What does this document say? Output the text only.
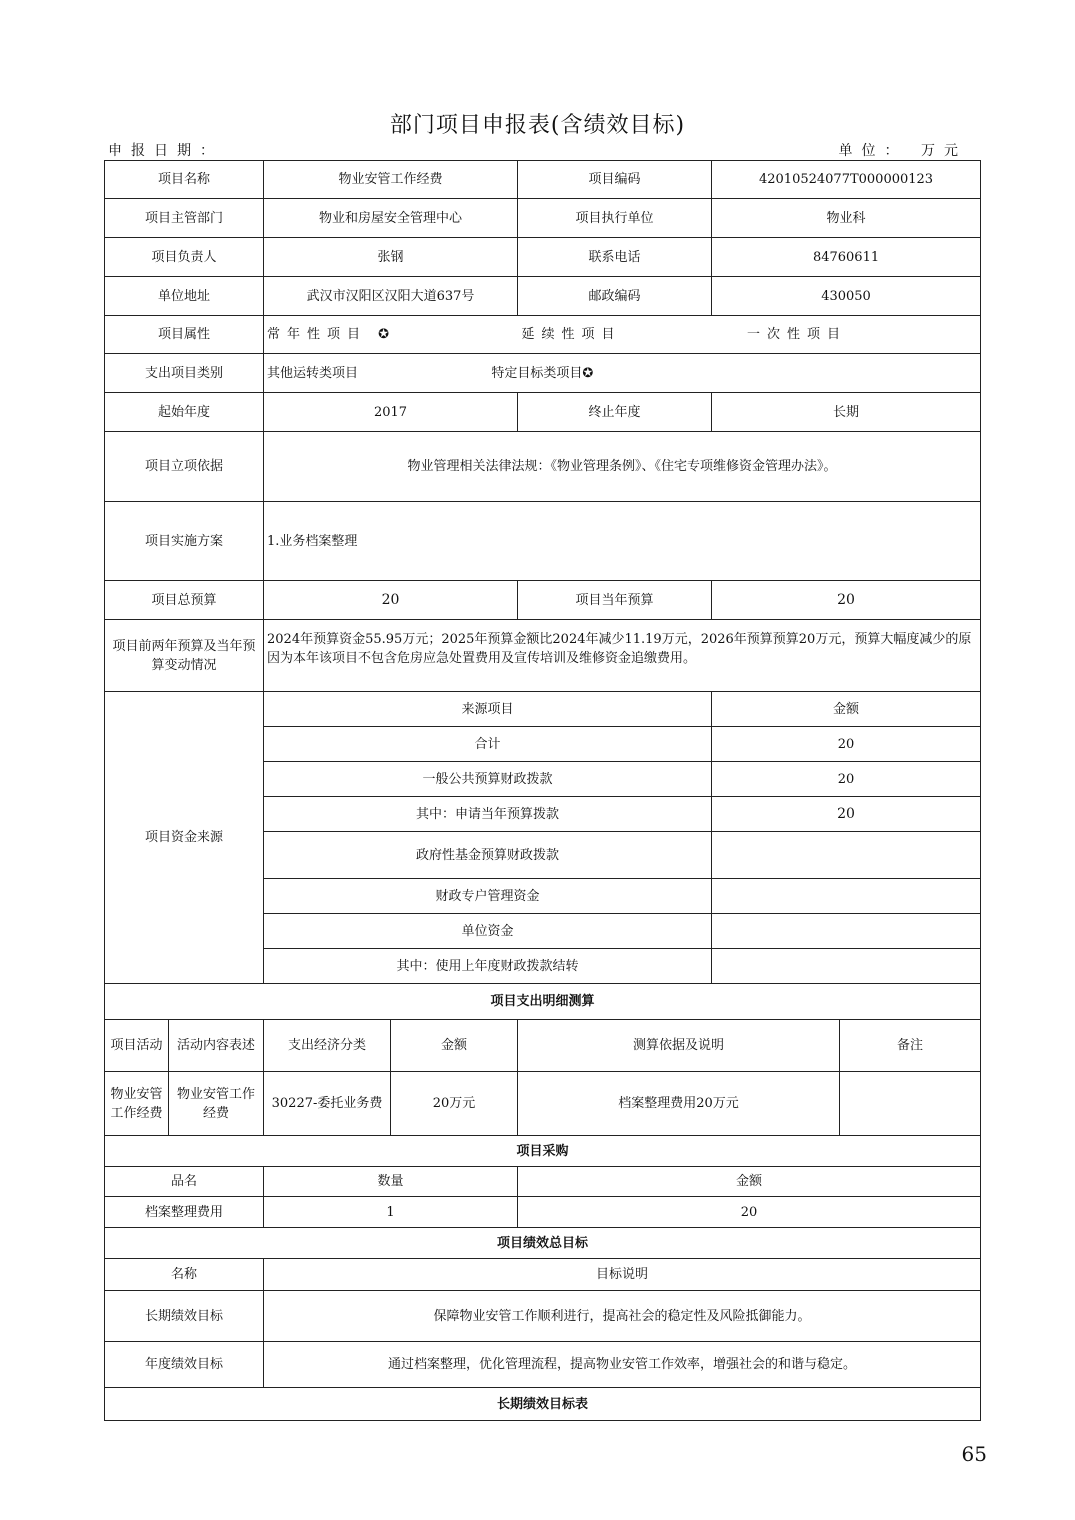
部门项目申报表(含绩效目标)
申报日期：	单位： 万元
项目名称		物业安管工作经费		项目编码	42010524077T000000123	
项目主管部门		物业和房屋安全管理中心		项目执行单位	物业科	
项目负责人		张钢		联系电话	84760611	
单位地址		武汉市汉阳区汉阳大道637号		邮政编码	430050	
项目属性		常年性项目 ✪ 延续性项目 一次性项目				

支出项目类别		其他运转类项目 特定目标类项目✪				
起始年度		2017		终止年度	长期	
项目立项依据		物业管理相关法律法规：《物业管理条例》、《住宅专项维修资金管理办法》。				
项目实施方案		1.业务档案整理				
项目总预算		20		项目当年预算	20	
项目前两年预算及当年预算变动情况		2024年预算资金55.95万元；2025年预算金额比2024年减少11.19万元，2026年预算预算20万元，预算大幅度减少的原因为本年该项目不包含危房应急处置费用及宣传培训及维修资金追缴费用。				
项目资金来源		来源项目			金额	
		合计			20	
		一般公共预算财政拨款			20	
		其中：申请当年预算拨款			20	
		政府性基金预算财政拨款				
		财政专户管理资金				
		单位资金				
		其中：使用上年度财政拨款结转				
项目支出明细测算						
项目活动	活动内容表述	支出经济分类	金额	测算依据及说明		备注
物业安管工作经费	物业安管工作经费	30227-委托业务费	20万元	档案整理费用20万元		
项目采购						
品名		数量		金额		
档案整理费用		1		20		
项目绩效总目标						
名称		目标说明				
长期绩效目标		保障物业安管工作顺利进行，提高社会的稳定性及风险抵御能力。				
年度绩效目标		通过档案整理，优化管理流程，提高物业安管工作效率，增强社会的和谐与稳定。				
长期绩效目标表						
65
